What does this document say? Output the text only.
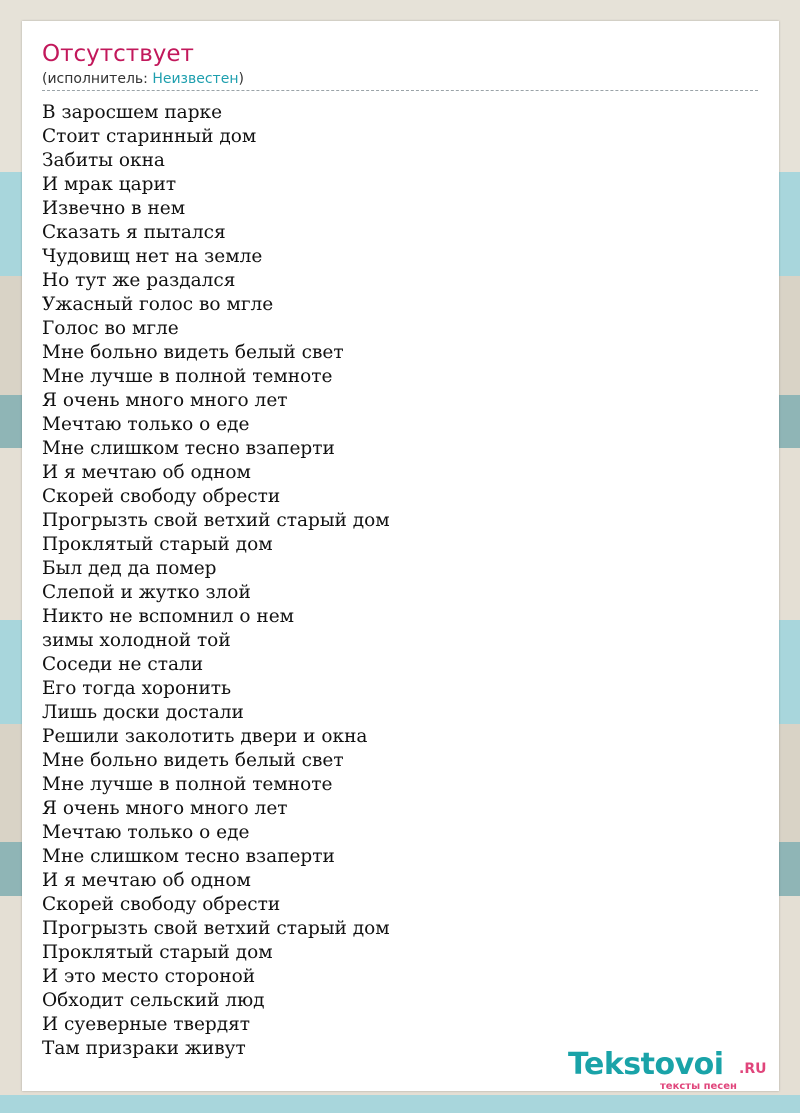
Отсутствует
(исполнитель: Неизвестен)
В заросшем парке
Стоит старинный дом
Забиты окна
И мрак царит
Извечно в нем
Сказать я пытался
Чудовищ нет на земле
Но тут же раздался
Ужасный голос во мгле
Голос во мгле
Мне больно видеть белый свет
Мне лучше в полной темноте
Я очень много много лет
Мечтаю только о еде
Мне слишком тесно взаперти
И я мечтаю об одном
Скорей свободу обрести
Прогрызть свой ветхий старый дом
Проклятый старый дом
Был дед да помер
Слепой и жутко злой
Никто не вспомнил о нем
зимы холодной той
Соседи не стали
Его тогда хоронить
Лишь доски достали
Решили заколотить двери и окна
Мне больно видеть белый свет
Мне лучше в полной темноте
Я очень много много лет
Мечтаю только о еде
Мне слишком тесно взаперти
И я мечтаю об одном
Скорей свободу обрести
Прогрызть свой ветхий старый дом
Проклятый старый дом
И это место стороной
Обходит сельский люд
И суеверные твердят
Там призраки живут	Tekstovoi .RU
тексты песен
